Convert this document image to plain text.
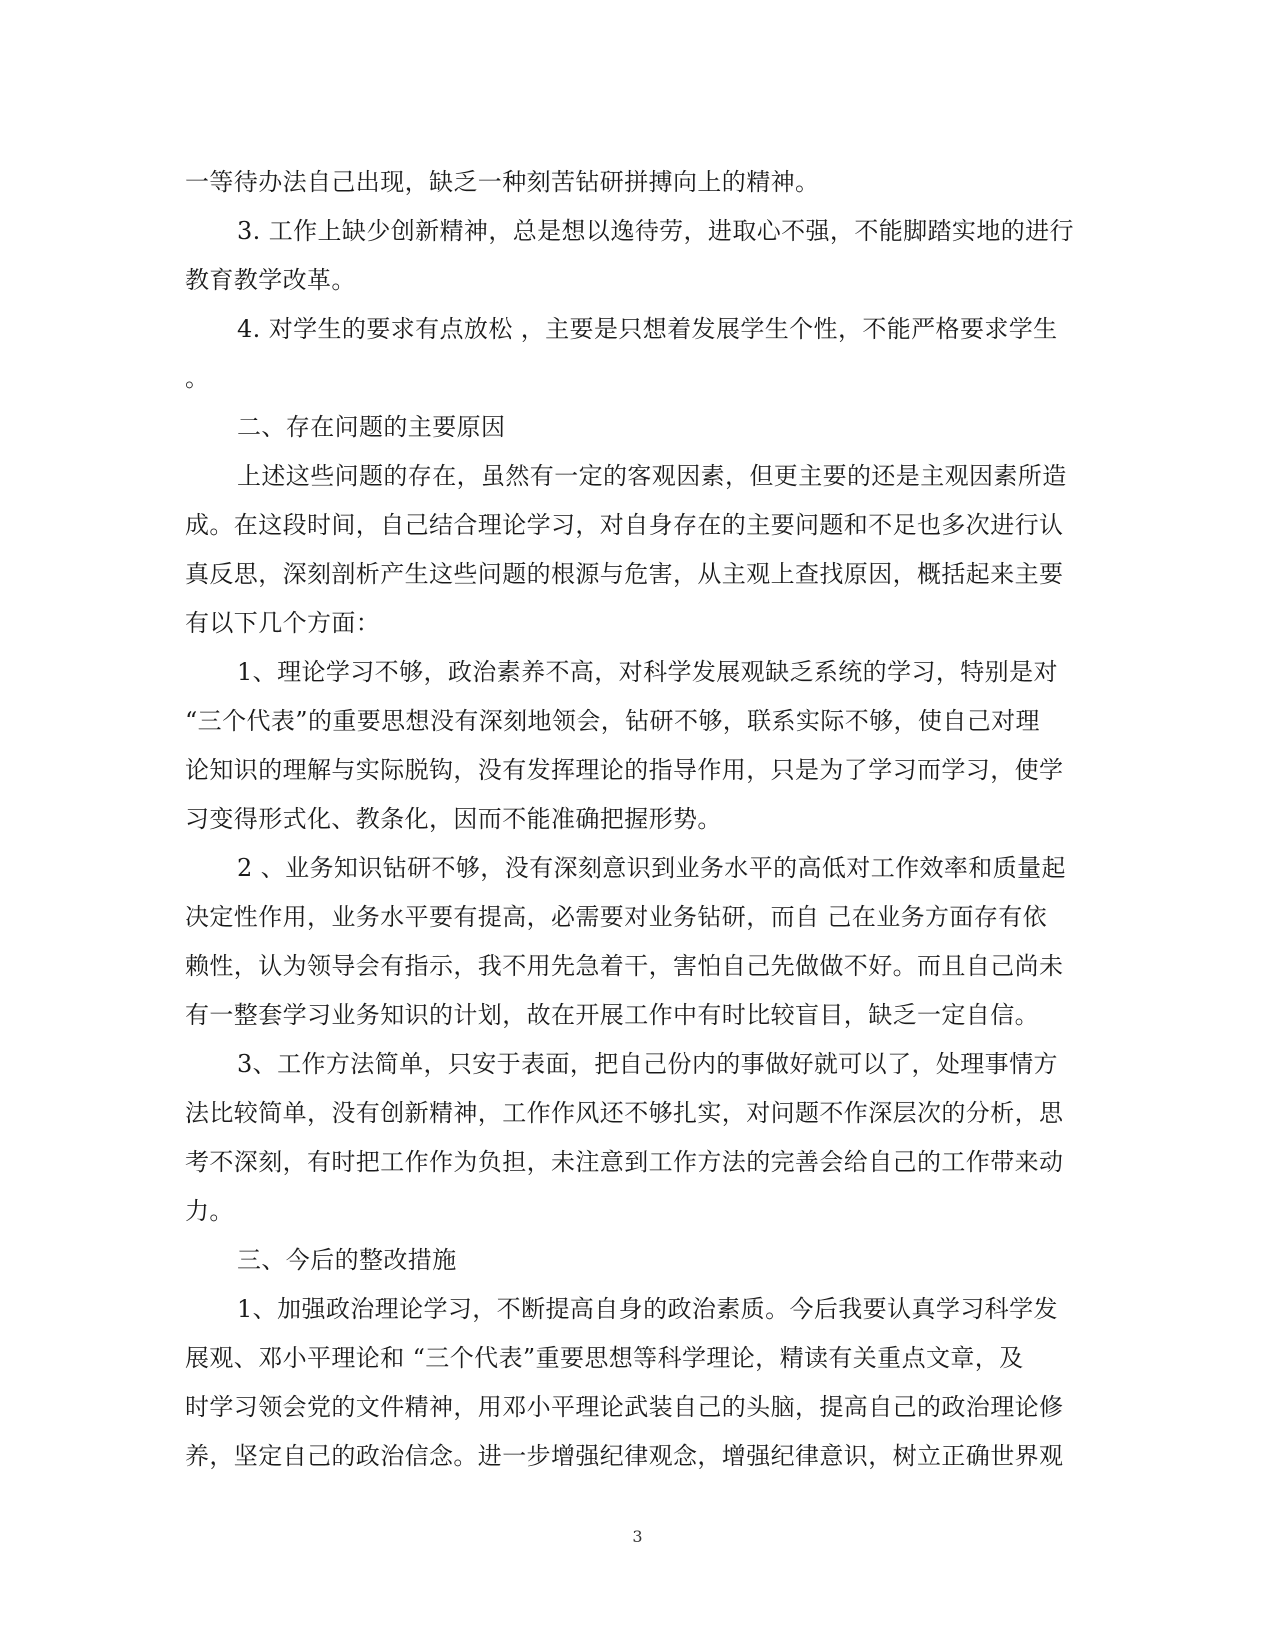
一等待办法自己出现，缺乏一种刻苦钻研拼搏向上的精神。
3. 工作上缺少创新精神，总是想以逸待劳，进取心不强，不能脚踏实地的进行
教育教学改革。
4. 对学生的要求有点放松 ，主要是只想着发展学生个性，不能严格要求学生
。
二、存在问题的主要原因
上述这些问题的存在，虽然有一定的客观因素，但更主要的还是主观因素所造
成。在这段时间，自己结合理论学习，对自身存在的主要问题和不足也多次进行认
真反思，深刻剖析产生这些问题的根源与危害，从主观上查找原因，概括起来主要
有以下几个方面：
1、理论学习不够，政治素养不高，对科学发展观缺乏系统的学习，特别是对
“三个代表”的重要思想没有深刻地领会，钻研不够，联系实际不够，使自己对理
论知识的理解与实际脱钩，没有发挥理论的指导作用，只是为了学习而学习，使学
习变得形式化、教条化，因而不能准确把握形势。
2 、业务知识钻研不够，没有深刻意识到业务水平的高低对工作效率和质量起
决定性作用，业务水平要有提高，必需要对业务钻研，而自 己在业务方面存有依
赖性，认为领导会有指示，我不用先急着干，害怕自己先做做不好。而且自己尚未
有一整套学习业务知识的计划，故在开展工作中有时比较盲目，缺乏一定自信。
3、工作方法简单，只安于表面，把自己份内的事做好就可以了，处理事情方
法比较简单，没有创新精神，工作作风还不够扎实，对问题不作深层次的分析，思
考不深刻，有时把工作作为负担，未注意到工作方法的完善会给自己的工作带来动
力。
三、今后的整改措施
1、加强政治理论学习，不断提高自身的政治素质。今后我要认真学习科学发
展观、邓小平理论和 “三个代表”重要思想等科学理论，精读有关重点文章，及
时学习领会党的文件精神，用邓小平理论武装自己的头脑，提高自己的政治理论修
养，坚定自己的政治信念。进一步增强纪律观念，增强纪律意识，树立正确世界观
3
